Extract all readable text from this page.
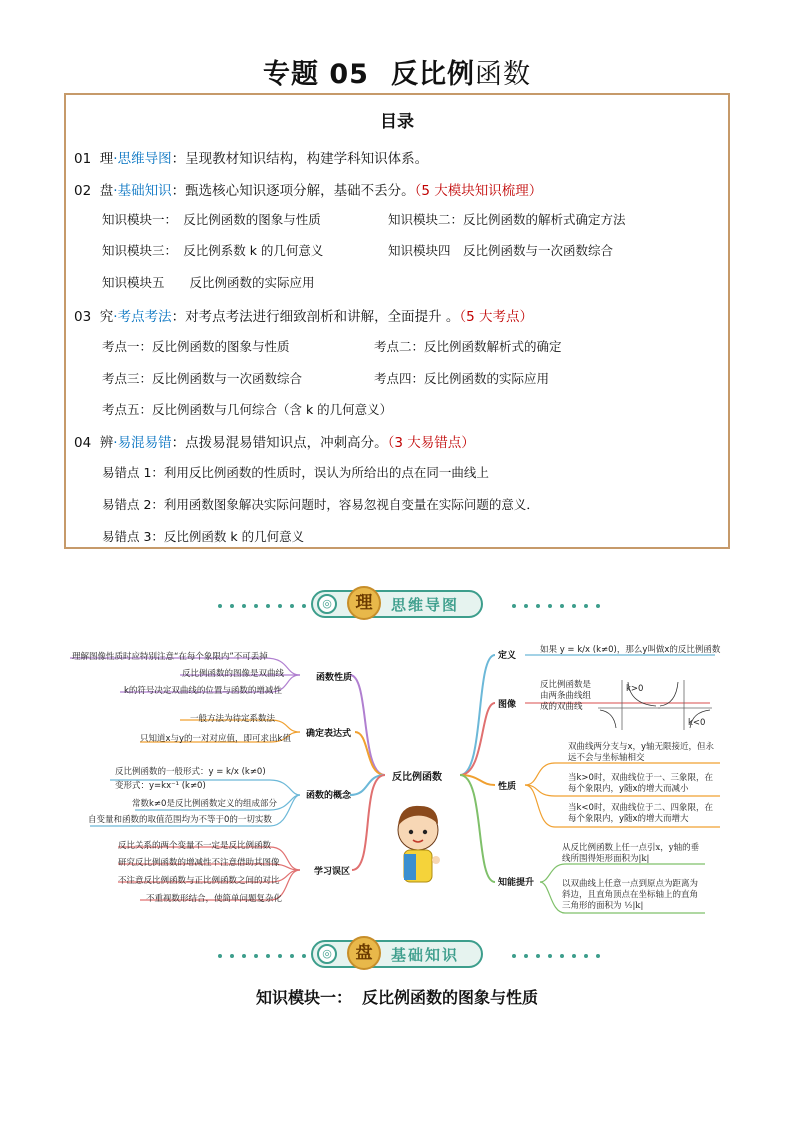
专题 05 反比例函数
目录
01 理·思维导图：呈现教材知识结构，构建学科知识体系。
02 盘·基础知识：甄选核心知识逐项分解，基础不丢分。（5 大模块知识梳理）
知识模块一：　反比例函数的图象与性质	知识模块二：反比例函数的解析式确定方法
知识模块三：　反比例系数 k 的几何意义	知识模块四　反比例函数与一次函数综合
知识模块五　　反比例函数的实际应用
03 究·考点考法：对考点考法进行细致剖析和讲解，全面提升 。（5 大考点）
考点一：反比例函数的图象与性质	考点二：反比例函数解析式的确定
考点三：反比例函数与一次函数综合	考点四：反比例函数的实际应用
考点五：反比例函数与几何综合（含 k 的几何意义）
04 辨·易混易错：点拨易混易错知识点，冲刺高分。（3 大易错点）
易错点 1：利用反比例函数的性质时，误认为所给出的点在同一曲线上
易错点 2：利用函数图象解决实际问题时，容易忽视自变量在实际问题的意义．
易错点 3：反比例函数 k 的几何意义
◎	理	思维导图
反比例函数
函数性质
理解图像性质时应特别注意“在每个象限内”不可丢掉
反比例函数的图像是双曲线
k的符号决定双曲线的位置与函数的增减性
确定表达式
一般方法为待定系数法
只知道x与y的一对对应值，即可求出k值
函数的概念
反比例函数的一般形式：y = k/x (k≠0)
变形式：y=kx⁻¹ (k≠0)
常数k≠0是反比例函数定义的组成部分
自变量和函数的取值范围均为不等于0的一切实数
学习误区
反比关系的两个变量不一定是反比例函数
研究反比例函数的增减性不注意借助其图像
不注意反比例函数与正比例函数之间的对比
不重视数形结合，使简单问题复杂化
定义
如果 y = k/x (k≠0)，那么y叫做x的反比例函数
图像
反比例函数是由两条曲线组成的双曲线
k>0
k<0
性质
双曲线两分支与x，y轴无限接近，但永远不会与坐标轴相交
当k>0时，双曲线位于一、三象限，在每个象限内，y随x的增大而减小
当k<0时，双曲线位于二、四象限，在每个象限内，y随x的增大而增大
知能提升
从反比例函数上任一点引x，y轴的垂线所围得矩形面积为|k|
以双曲线上任意一点到原点为距离为斜边，且直角顶点在坐标轴上的直角三角形的面积为 ½|k|
◎	盘	基础知识
知识模块一： 反比例函数的图象与性质
